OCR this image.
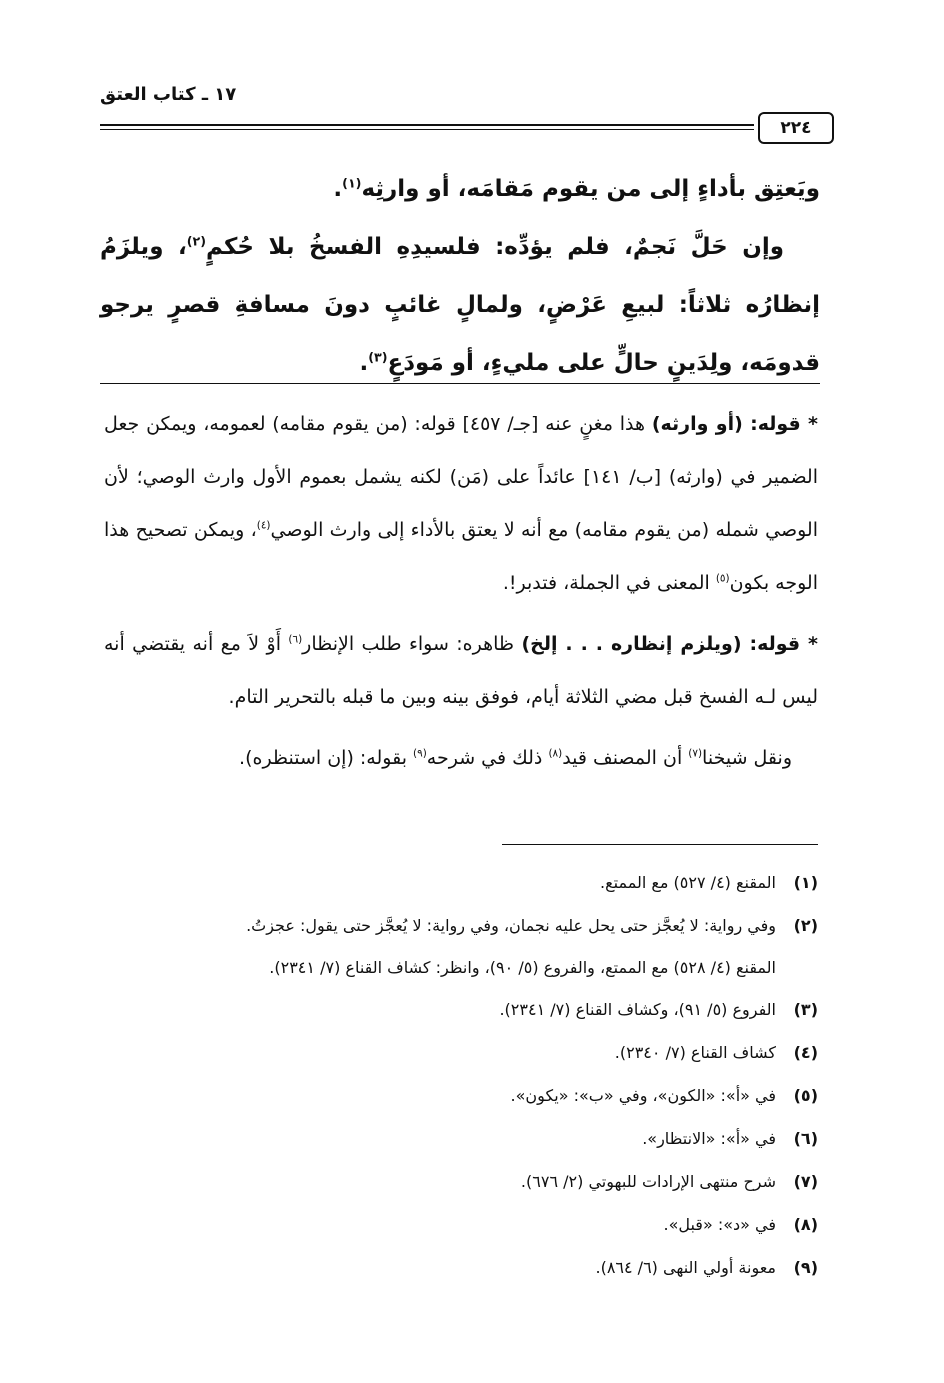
١٧ ـ كتاب العتق
٢٢٤

ويَعتِق بأداءٍ إلى من يقوم مَقامَه، أو وارثِه$^{(١)}$.

وإن حَلَّ نَجمٌ، فلم يؤدِّه: فلسيدِهِ الفسخُ بلا حُكمٍ$^{(٢)}$، ويلزَمُ إنظارُه ثلاثاً: لبيعِ عَرْضٍ، ولمالٍ غائبٍ دونَ مسافةِ قصرٍ يرجو قدومَه، ولِدَينٍ حالٍّ على مليءٍ، أو مَودَعٍ$^{(٣)}$.

* قوله: (أو وارثه) هذا مغنٍ عنه [جـ/ ٤٥٧] قوله: (من يقوم مقامه) لعمومه، ويمكن جعل الضمير في (وارثه) [ب/ ١٤١] عائداً على (مَن) لكنه يشمل بعموم الأول وارث الوصي؛ لأن الوصي شمله (من يقوم مقامه) مع أنه لا يعتق بالأداء إلى وارث الوصي$^{(٤)}$، ويمكن تصحيح هذا الوجه بكون$^{(٥)}$ المعنى في الجملة، فتدبر!.

* قوله: (ويلزم إنظاره . . . إلخ) ظاهره: سواء طلب الإنظار$^{(٦)}$ أَوْ لاَ مع أنه يقتضي أنه ليس لـه الفسخ قبل مضي الثلاثة أيام، فوفق بينه وبين ما قبله بالتحرير التام.

ونقل شيخنا$^{(٧)}$ أن المصنف قيد$^{(٨)}$ ذلك في شرحه$^{(٩)}$ بقوله: (إن استنظره).

(١)
المقنع (٤/ ٥٢٧) مع الممتع.
(٢)
وفي رواية: لا يُعجَّز حتى يحل عليه نجمان، وفي رواية: لا يُعجَّز حتى يقول: عجزتُ.
المقنع (٤/ ٥٢٨) مع الممتع، والفروع (٥/ ٩٠)، وانظر: كشاف القناع (٧/ ٢٣٤١).
(٣)
الفروع (٥/ ٩١)، وكشاف القناع (٧/ ٢٣٤١).
(٤)
كشاف القناع (٧/ ٢٣٤٠).
(٥)
في «أ»: «الكون»، وفي «ب»: «يكون».
(٦)
في «أ»: «الانتظار».
(٧)
شرح منتهى الإرادات للبهوتي (٢/ ٦٧٦).
(٨)
في «د»: «قبل».
(٩)
معونة أولي النهى (٦/ ٨٦٤).
